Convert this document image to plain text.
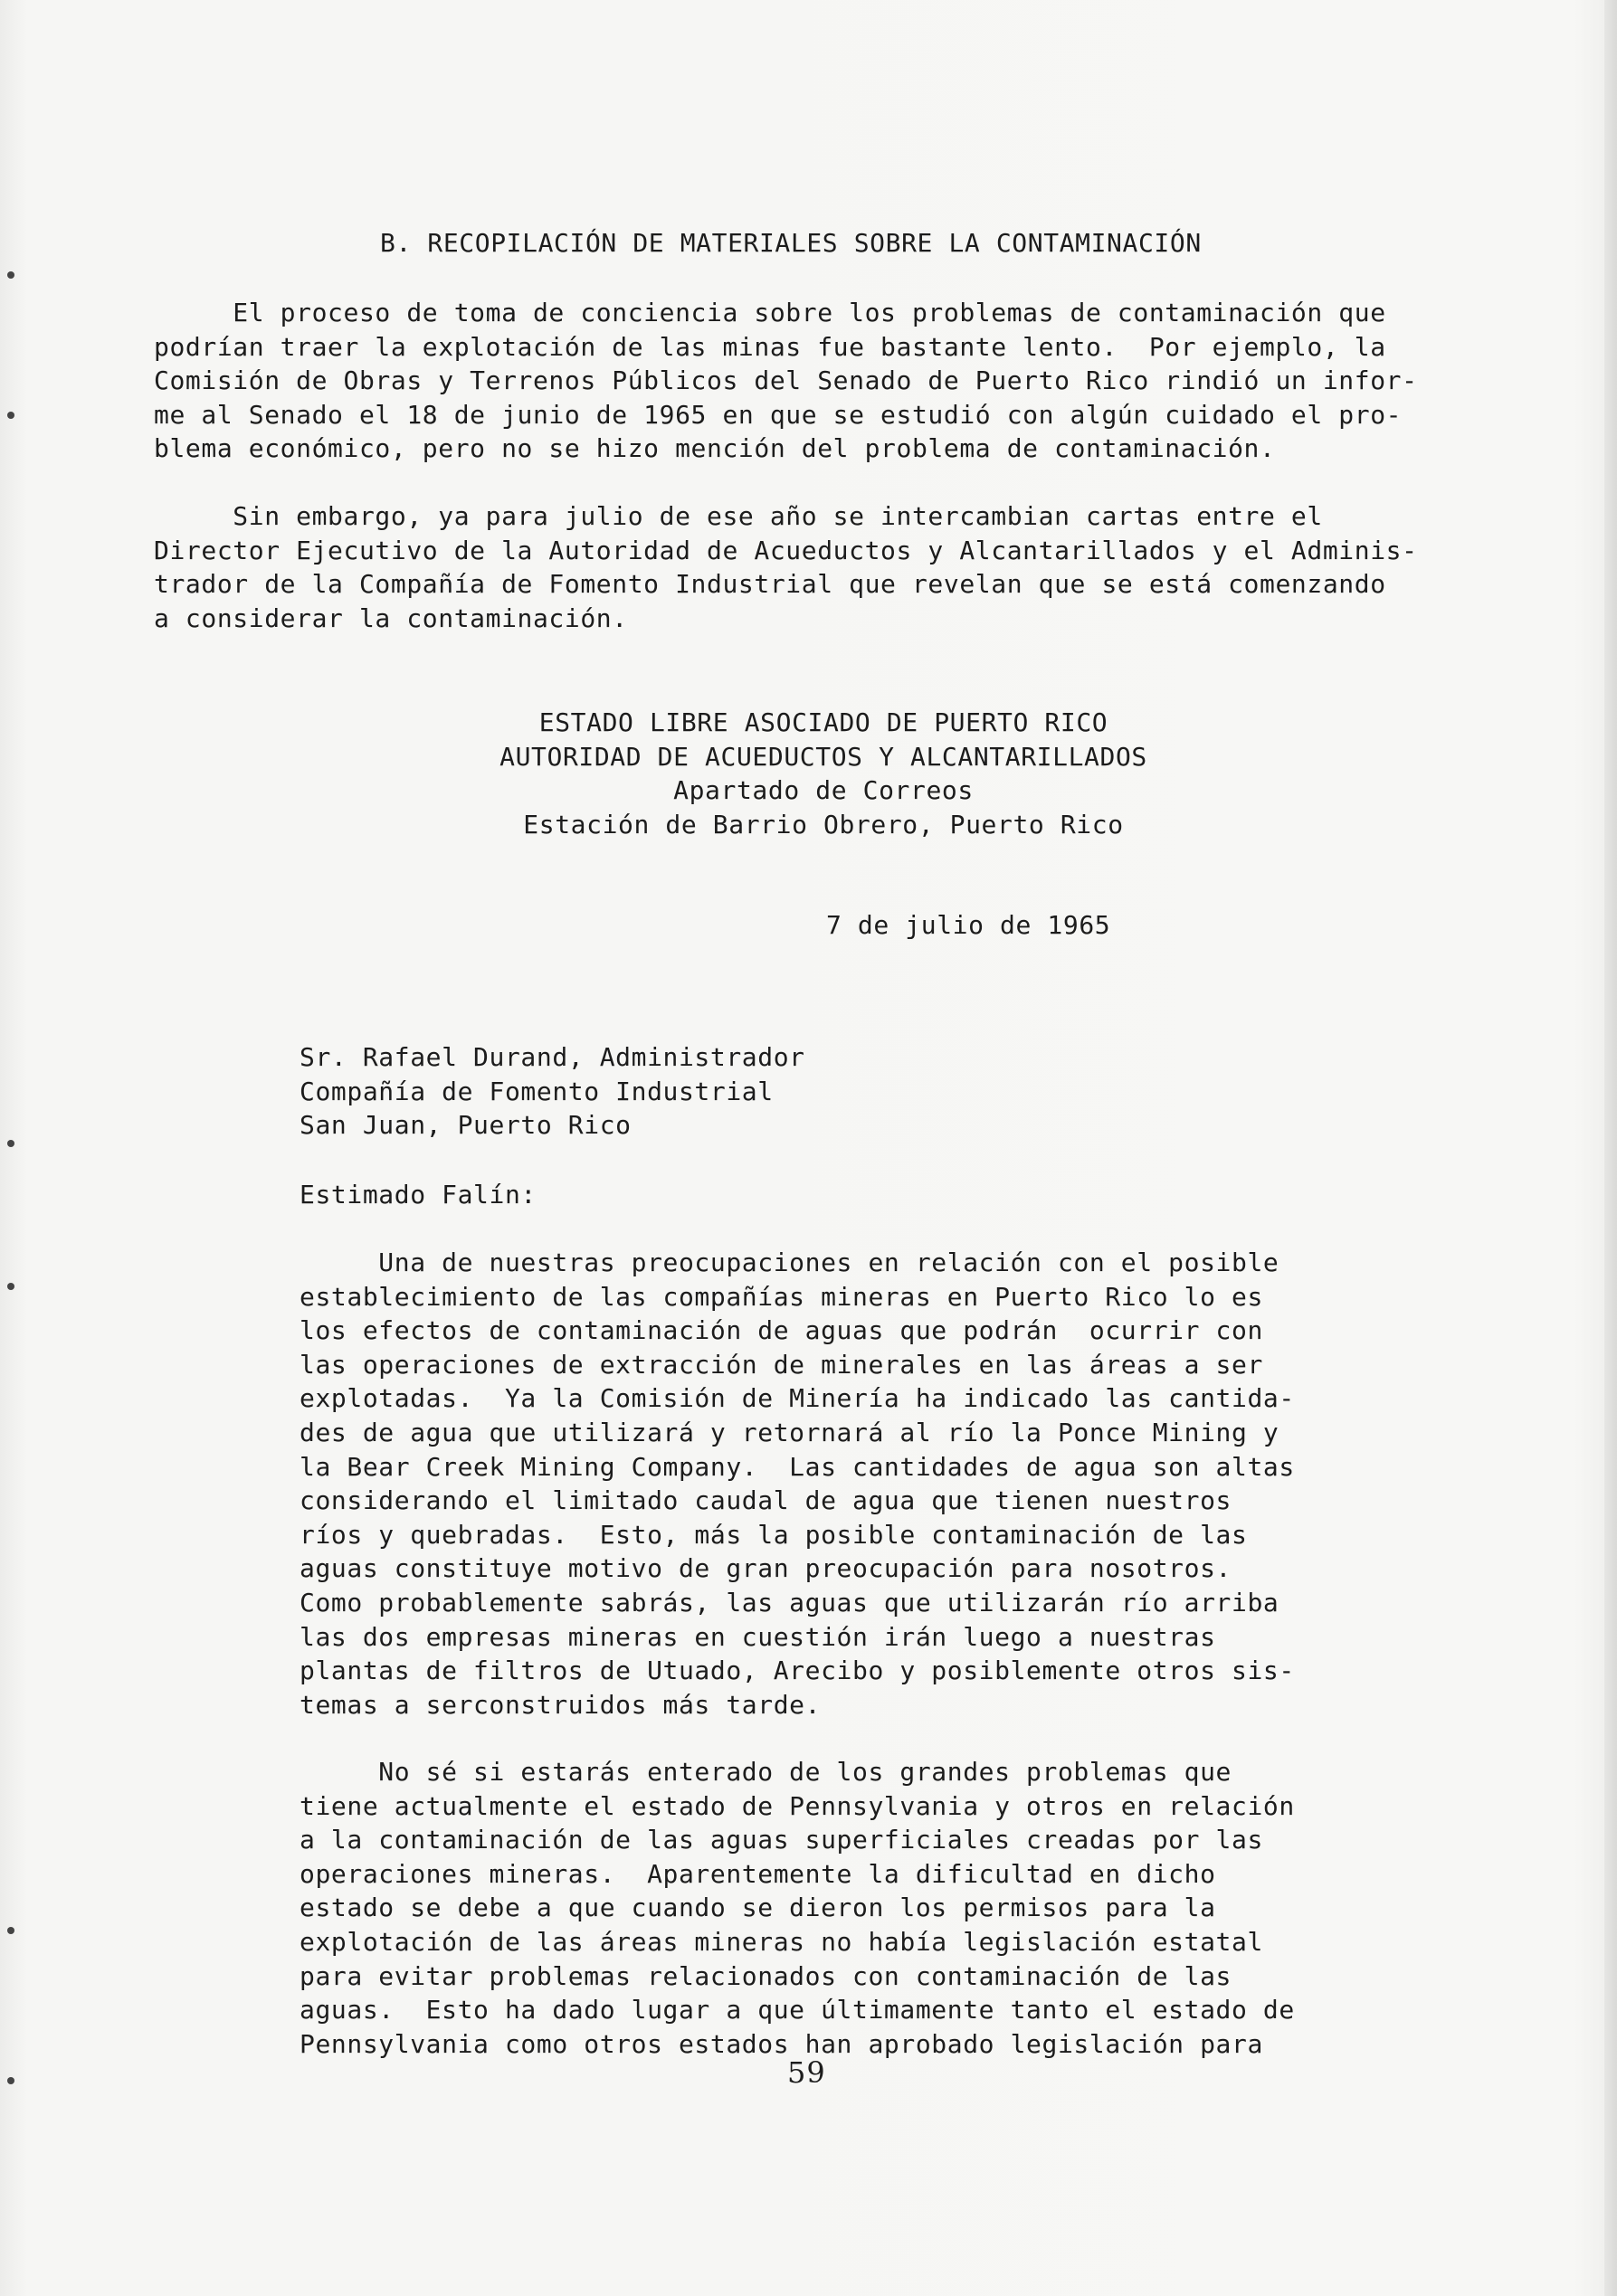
B. RECOPILACIÓN DE MATERIALES SOBRE LA CONTAMINACIÓN
El proceso de toma de conciencia sobre los problemas de contaminación que
podrían traer la explotación de las minas fue bastante lento.  Por ejemplo, la
Comisión de Obras y Terrenos Públicos del Senado de Puerto Rico rindió un infor-
me al Senado el 18 de junio de 1965 en que se estudió con algún cuidado el pro-
blema económico, pero no se hizo mención del problema de contaminación.
Sin embargo, ya para julio de ese año se intercambian cartas entre el
Director Ejecutivo de la Autoridad de Acueductos y Alcantarillados y el Adminis-
trador de la Compañía de Fomento Industrial que revelan que se está comenzando
a considerar la contaminación.
ESTADO LIBRE ASOCIADO DE PUERTO RICO
AUTORIDAD DE ACUEDUCTOS Y ALCANTARILLADOS
Apartado de Correos
Estación de Barrio Obrero, Puerto Rico
7 de julio de 1965
Sr. Rafael Durand, Administrador
Compañía de Fomento Industrial
San Juan, Puerto Rico
Estimado Falín:
Una de nuestras preocupaciones en relación con el posible
establecimiento de las compañías mineras en Puerto Rico lo es
los efectos de contaminación de aguas que podrán  ocurrir con
las operaciones de extracción de minerales en las áreas a ser
explotadas.  Ya la Comisión de Minería ha indicado las cantida-
des de agua que utilizará y retornará al río la Ponce Mining y
la Bear Creek Mining Company.  Las cantidades de agua son altas
considerando el limitado caudal de agua que tienen nuestros
ríos y quebradas.  Esto, más la posible contaminación de las
aguas constituye motivo de gran preocupación para nosotros.
Como probablemente sabrás, las aguas que utilizarán río arriba
las dos empresas mineras en cuestión irán luego a nuestras
plantas de filtros de Utuado, Arecibo y posiblemente otros sis-
temas a serconstruidos más tarde.
No sé si estarás enterado de los grandes problemas que
tiene actualmente el estado de Pennsylvania y otros en relación
a la contaminación de las aguas superficiales creadas por las
operaciones mineras.  Aparentemente la dificultad en dicho
estado se debe a que cuando se dieron los permisos para la
explotación de las áreas mineras no había legislación estatal
para evitar problemas relacionados con contaminación de las
aguas.  Esto ha dado lugar a que últimamente tanto el estado de
Pennsylvania como otros estados han aprobado legislación para
59
